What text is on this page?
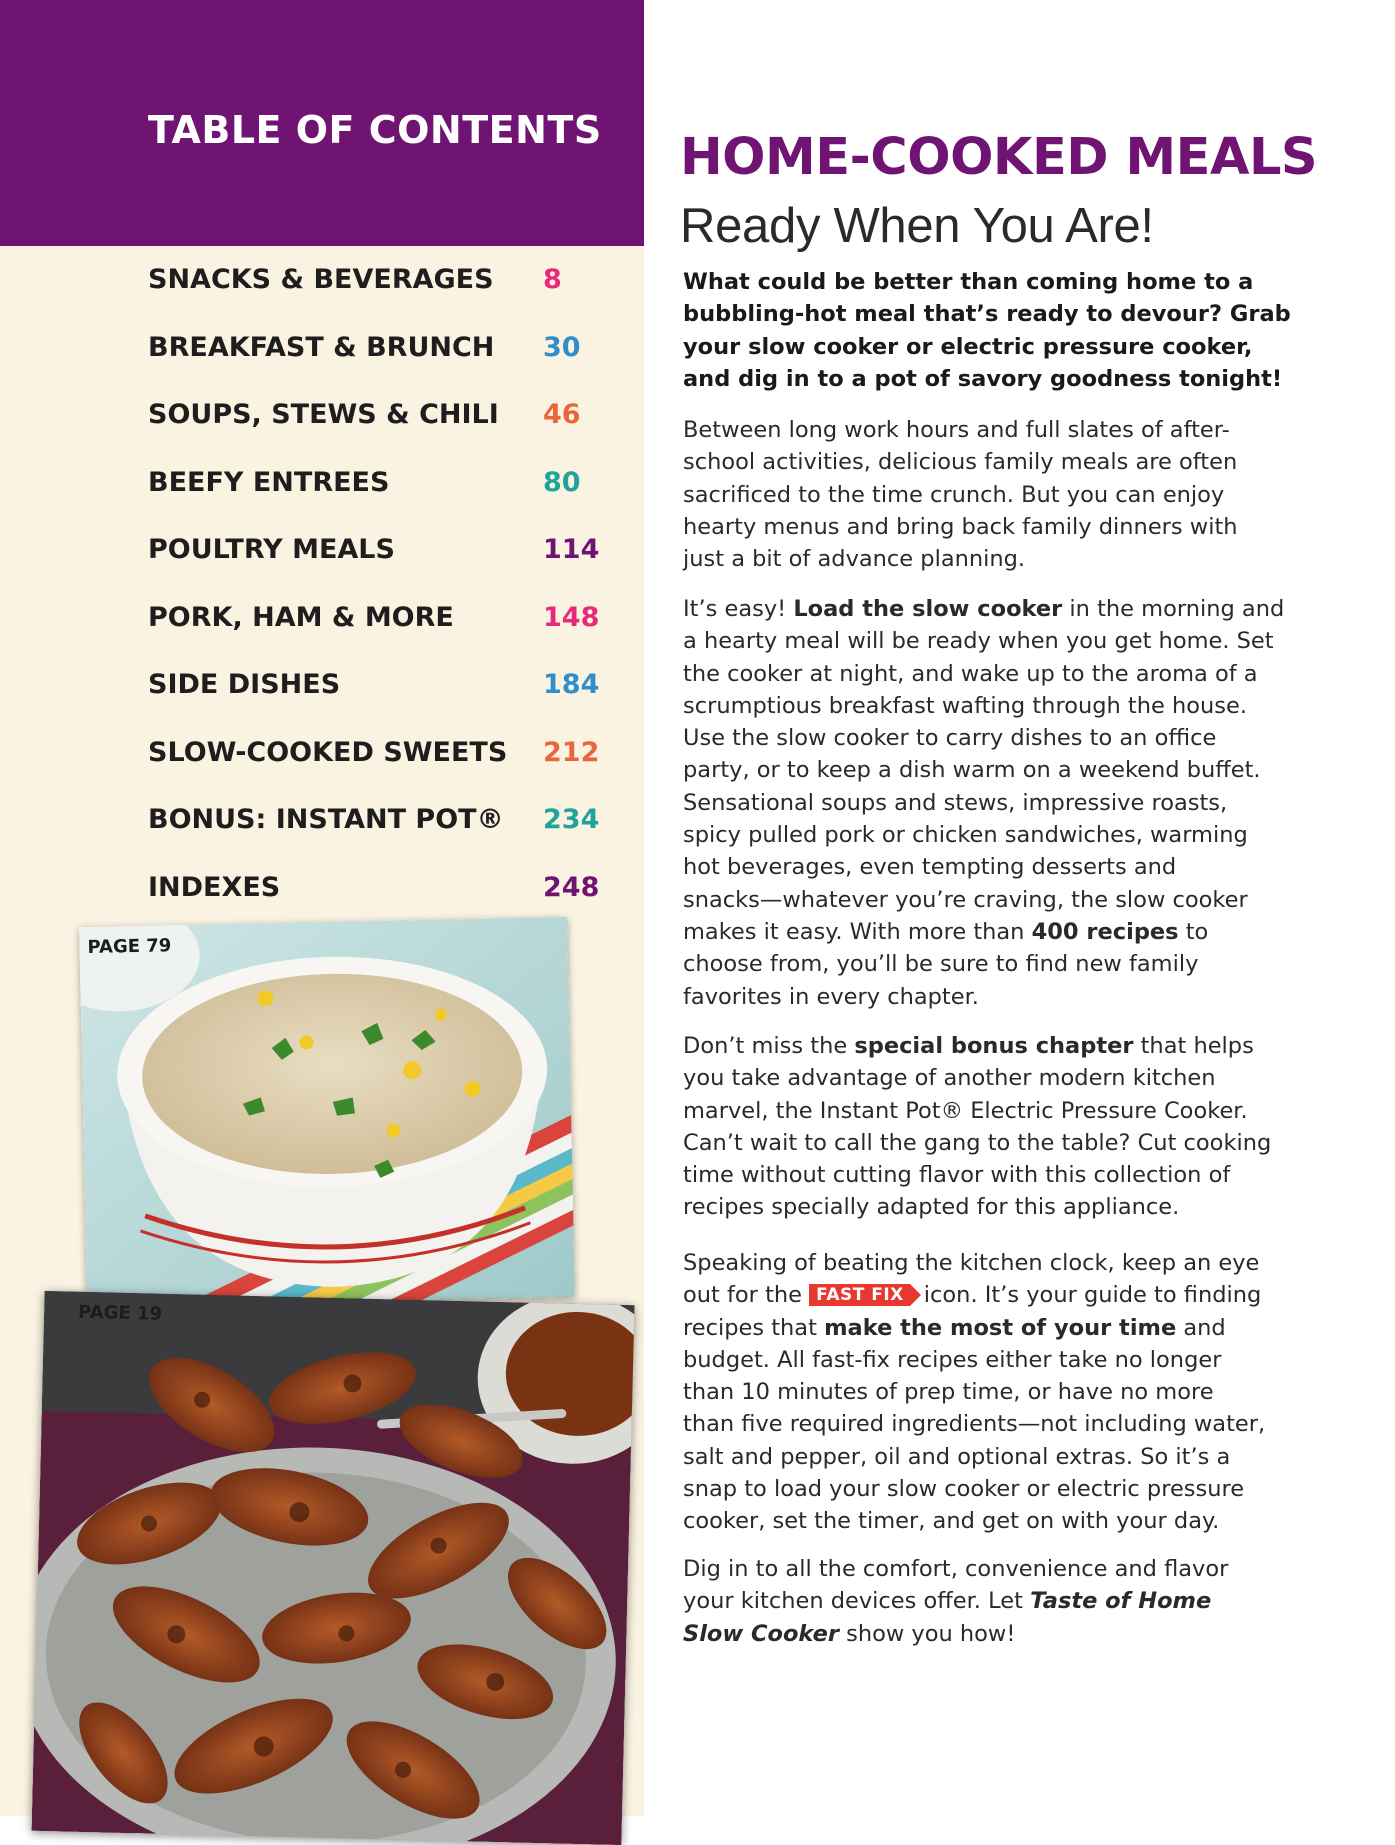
TABLE OF CONTENTS
SNACKS & BEVERAGES 8
BREAKFAST & BRUNCH 30
SOUPS, STEWS & CHILI 46
BEEFY ENTREES	80
POULTRY MEALS	114
PORK, HAM & MORE	148
SIDE DISHES	184
SLOW-COOKED SWEETS 212
BONUS: INSTANT POT® 234
INDEXES	248
PAGE 79
PAGE 19
HOME-COOKED MEALS
Ready When You Are!
What could be better than coming home to a
bubbling-hot meal that’s ready to devour? Grab
your slow cooker or electric pressure cooker,
and dig in to a pot of savory goodness tonight!
Between long work hours and full slates of after-
school activities, delicious family meals are often
sacrificed to the time crunch. But you can enjoy
hearty menus and bring back family dinners with
just a bit of advance planning.
It’s easy! Load the slow cooker in the morning and
a hearty meal will be ready when you get home. Set
the cooker at night, and wake up to the aroma of a
scrumptious breakfast wafting through the house.
Use the slow cooker to carry dishes to an office
party, or to keep a dish warm on a weekend buffet.
Sensational soups and stews, impressive roasts,
spicy pulled pork or chicken sandwiches, warming
hot beverages, even tempting desserts and
snacks—whatever you’re craving, the slow cooker
makes it easy. With more than 400 recipes to
choose from, you’ll be sure to find new family
favorites in every chapter.
Don’t miss the special bonus chapter that helps
you take advantage of another modern kitchen
marvel, the Instant Pot® Electric Pressure Cooker.
Can’t wait to call the gang to the table? Cut cooking
time without cutting flavor with this collection of
recipes specially adapted for this appliance.
Speaking of beating the kitchen clock, keep an eye
out for the FAST FIX icon. It’s your guide to finding
recipes that make the most of your time and
budget. All fast-fix recipes either take no longer
than 10 minutes of prep time, or have no more
than five required ingredients—not including water,
salt and pepper, oil and optional extras. So it’s a
snap to load your slow cooker or electric pressure
cooker, set the timer, and get on with your day.
Dig in to all the comfort, convenience and flavor
your kitchen devices offer. Let Taste of Home
Slow Cooker show you how!
